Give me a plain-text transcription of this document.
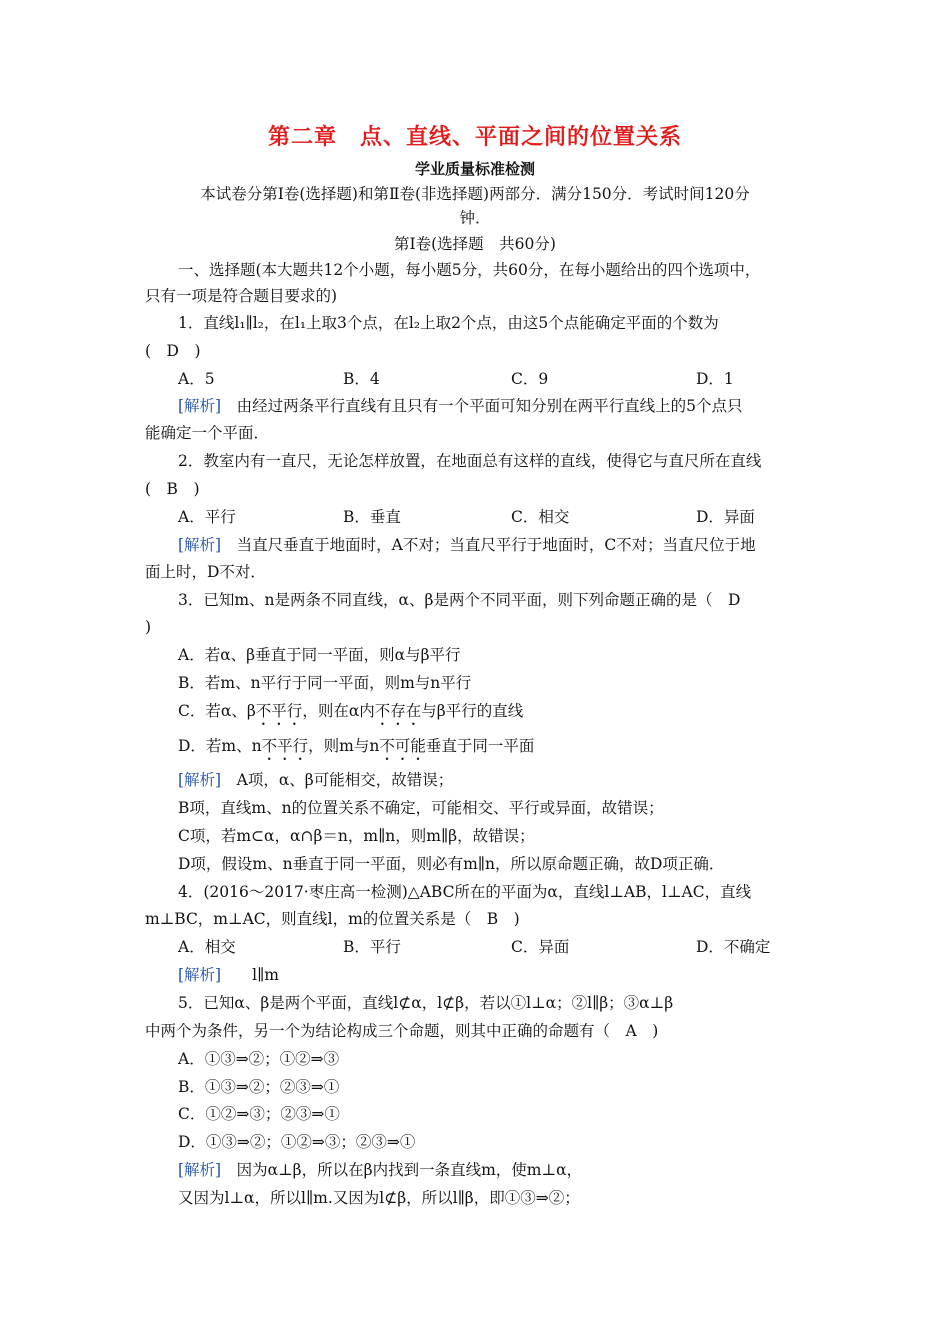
第二章　点、直线、平面之间的位置关系
学业质量标准检测
本试卷分第Ⅰ卷(选择题)和第Ⅱ卷(非选择题)两部分．满分150分．考试时间120分
钟．
第Ⅰ卷(选择题　共60分)
一、选择题(本大题共12个小题，每小题5分，共60分，在每小题给出的四个选项中，
只有一项是符合题目要求的)
1．直线l₁∥l₂，在l₁上取3个点，在l₂上取2个点，由这5个点能确定平面的个数为
(　D　)
A．5	B．4	C．9	D．1
[解析]　 由经过两条平行直线有且只有一个平面可知分别在两平行直线上的5个点只
能确定一个平面．
2．教室内有一直尺，无论怎样放置，在地面总有这样的直线，使得它与直尺所在直线
(　B　)
A．平行	B．垂直	C．相交	D．异面
[解析]　 当直尺垂直于地面时，A不对；当直尺平行于地面时，C不对；当直尺位于地
面上时，D不对．
3．已知m、n是两条不同直线，α、β是两个不同平面，则下列命题正确的是（　D
)
A．若α、β垂直于同一平面，则α与β平行
B．若m、n平行于同一平面，则m与n平行
C．若α、β不平行，则在α内不存在与β平行的直线
D．若m、n不平行，则m与n不可能垂直于同一平面
[解析]　 A项，α、β可能相交，故错误；
B项，直线m、n的位置关系不确定，可能相交、平行或异面，故错误；
C项，若m⊂α，α∩β＝n，m∥n，则m∥β，故错误；
D项，假设m、n垂直于同一平面，则必有m∥n，所以原命题正确，故D项正确．
4．(2016～2017·枣庄高一检测)△ABC所在的平面为α，直线l⊥AB，l⊥AC，直线
m⊥BC，m⊥AC，则直线l，m的位置关系是（　B　)
A．相交	B．平行	C．异面	D．不确定
[解析]　　 l∥m
5．已知α、β是两个平面，直线l⊄α，l⊄β，若以①l⊥α；②l∥β；③α⊥β
中两个为条件，另一个为结论构成三个命题，则其中正确的命题有（　A　)
A．①③⇒②；①②⇒③
B．①③⇒②；②③⇒①
C．①②⇒③；②③⇒①
D．①③⇒②；①②⇒③；②③⇒①
[解析]　 因为α⊥β，所以在β内找到一条直线m，使m⊥α，
又因为l⊥α，所以l∥m.又因为l⊄β，所以l∥β，即①③⇒②；
